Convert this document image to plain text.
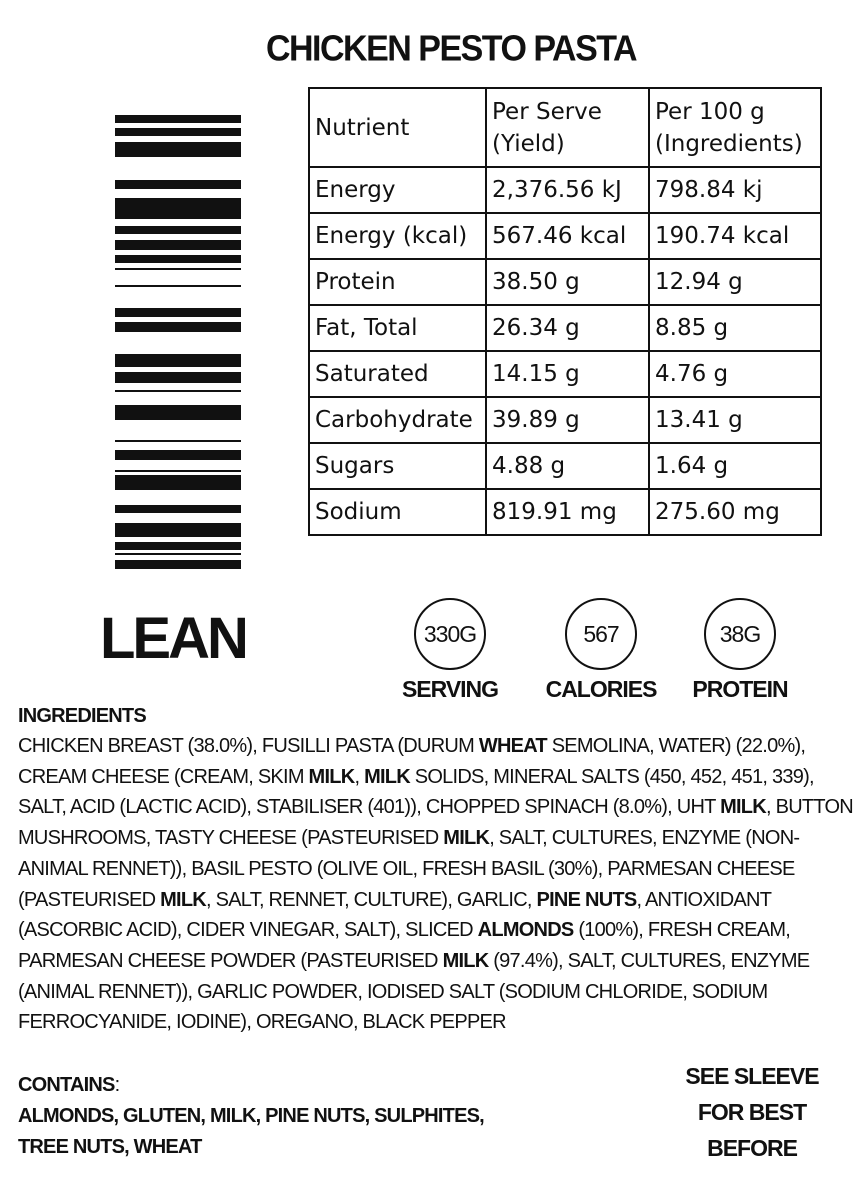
CHICKEN PESTO PASTA
Nutrient	Per Serve (Yield)	Per 100 g (Ingredients)
Energy	2,376.56 kJ	798.84 kj
Energy (kcal)	567.46 kcal	190.74 kcal
Protein	38.50 g	12.94 g
Fat, Total	26.34 g	8.85 g
Saturated	14.15 g	4.76 g
Carbohydrate	39.89 g	13.41 g
Sugars	4.88 g	1.64 g
Sodium	819.91 mg	275.60 mg
LEAN	330G
SERVING
567
CALORIES
38G
PROTEIN
INGREDIENTS
CHICKEN BREAST (38.0%), FUSILLI PASTA (DURUM WHEAT SEMOLINA, WATER) (22.0%), CREAM CHEESE (CREAM, SKIM MILK, MILK SOLIDS, MINERAL SALTS (450, 452, 451, 339), SALT, ACID (LACTIC ACID), STABILISER (401)), CHOPPED SPINACH (8.0%), UHT MILK, BUTTON MUSHROOMS, TASTY CHEESE (PASTEURISED MILK, SALT, CULTURES, ENZYME (NON-ANIMAL RENNET)), BASIL PESTO (OLIVE OIL, FRESH BASIL (30%), PARMESAN CHEESE (PASTEURISED MILK, SALT, RENNET, CULTURE), GARLIC, PINE NUTS, ANTIOXIDANT (ASCORBIC ACID), CIDER VINEGAR, SALT), SLICED ALMONDS (100%), FRESH CREAM, PARMESAN CHEESE POWDER (PASTEURISED MILK (97.4%), SALT, CULTURES, ENZYME (ANIMAL RENNET)), GARLIC POWDER, IODISED SALT (SODIUM CHLORIDE, SODIUM FERROCYANIDE, IODINE), OREGANO, BLACK PEPPER
CONTAINS:
ALMONDS, GLUTEN, MILK, PINE NUTS, SULPHITES,
TREE NUTS, WHEAT
SEE SLEEVE
FOR BEST
BEFORE
